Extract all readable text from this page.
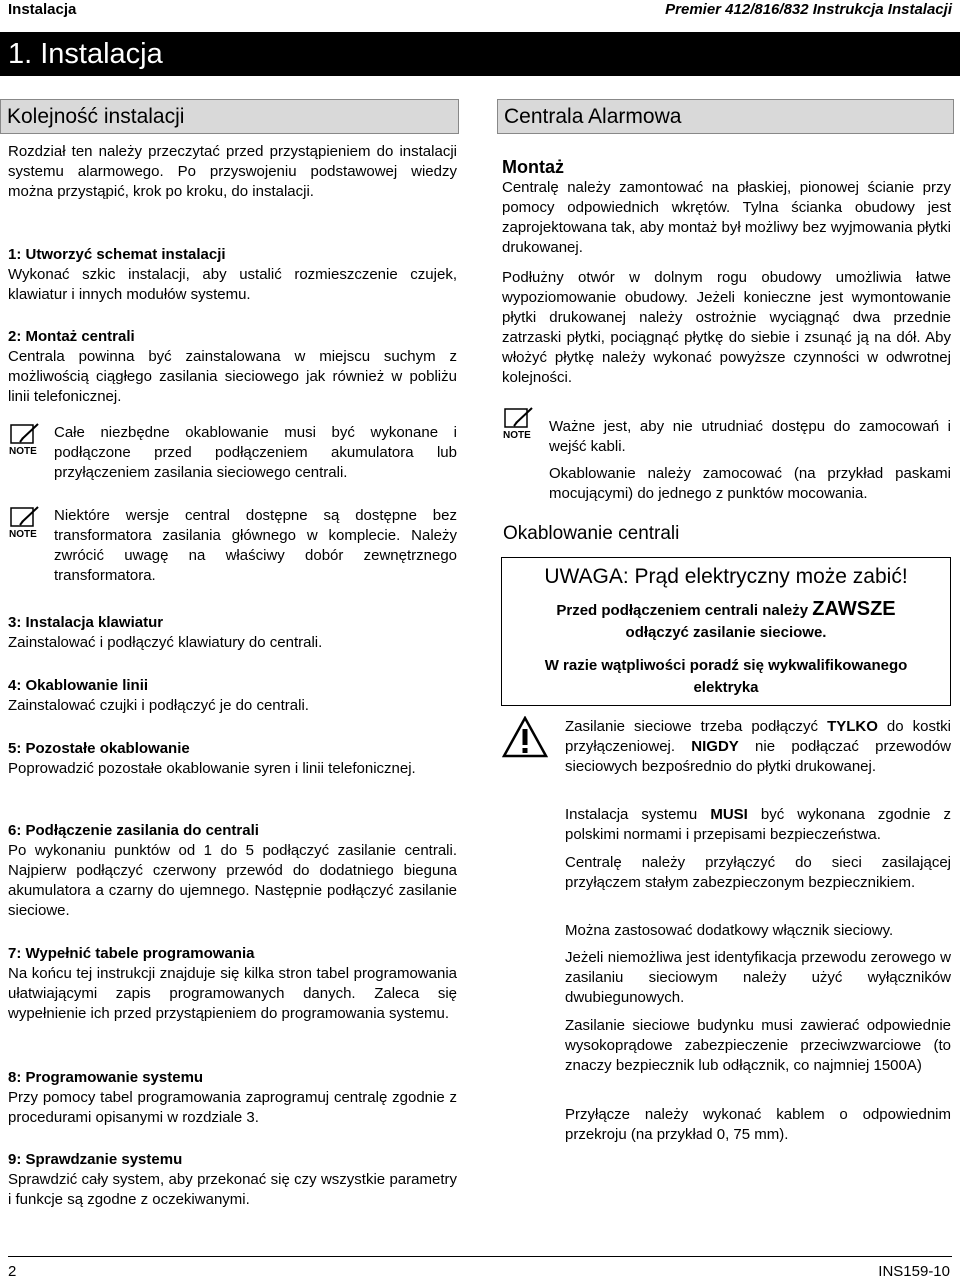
Instalacja	Premier 412/816/832 Instrukcja Instalacji
1. Instalacja
Kolejność instalacji
Rozdział ten należy przeczytać przed przystąpieniem do instalacji systemu alarmowego. Po przyswojeniu podstawowej wiedzy można przystąpić, krok po kroku, do instalacji.
1: Utworzyć schemat instalacji
Wykonać szkic instalacji, aby ustalić rozmieszczenie czujek, klawiatur i innych modułów systemu.
2: Montaż centrali
Centrala powinna być zainstalowana w miejscu suchym z możliwością ciągłego zasilania sieciowego jak również w pobliżu linii telefonicznej.
NOTE
Całe niezbędne okablowanie musi być wykonane i podłączone przed podłączeniem akumulatora lub przyłączeniem zasilania sieciowego centrali.
NOTE
Niektóre wersje central dostępne są dostępne bez transformatora zasilania głównego w komplecie. Należy zwrócić uwagę na właściwy dobór zewnętrznego transformatora.
3: Instalacja klawiatur
Zainstalować i podłączyć klawiatury do centrali.
4: Okablowanie linii
Zainstalować czujki i podłączyć je do centrali.
5: Pozostałe okablowanie
Poprowadzić pozostałe okablowanie syren i linii telefonicznej.
6: Podłączenie zasilania do centrali
Po wykonaniu punktów od 1 do 5 podłączyć zasilanie centrali. Najpierw podłączyć czerwony przewód do dodatniego bieguna akumulatora a czarny do ujemnego. Następnie podłączyć zasilanie sieciowe.
7: Wypełnić tabele programowania
Na końcu tej instrukcji znajduje się kilka stron tabel programowania ułatwiającymi zapis programowanych danych. Zaleca się wypełnienie ich przed przystąpieniem do programowania systemu.
8: Programowanie systemu
Przy pomocy tabel programowania zaprogramuj centralę zgodnie z procedurami opisanymi w rozdziale 3.
9: Sprawdzanie systemu
Sprawdzić cały system, aby przekonać się czy wszystkie parametry i funkcje są zgodne z oczekiwanymi.
Centrala Alarmowa
Montaż
Centralę należy zamontować na płaskiej, pionowej ścianie przy pomocy odpowiednich wkrętów. Tylna ścianka obudowy jest zaprojektowana tak, aby montaż był możliwy bez wyjmowania płytki drukowanej.
Podłużny otwór w dolnym rogu obudowy umożliwia łatwe wypoziomowanie obudowy. Jeżeli konieczne jest wymontowanie płytki drukowanej należy ostrożnie wyciągnąć dwa przednie zatrzaski płytki, pociągnąć płytkę do siebie i zsunąć ją na dół. Aby włożyć płytkę należy wykonać powyższe czynności w odwrotnej kolejności.
NOTE
Ważne jest, aby nie utrudniać dostępu do zamocowań i wejść kabli.
Okablowanie należy zamocować (na przykład paskami mocującymi) do jednego z punktów mocowania.
Okablowanie centrali
UWAGA: Prąd elektryczny może zabić!
Przed podłączeniem centrali należy ZAWSZE
odłączyć zasilanie sieciowe.
W razie wątpliwości poradź się wykwalifikowanego
elektryka
Zasilanie sieciowe trzeba podłączyć TYLKO do kostki przyłączeniowej. NIGDY nie podłączać przewodów sieciowych bezpośrednio do płytki drukowanej.
Instalacja systemu MUSI być wykonana zgodnie z polskimi normami i przepisami bezpieczeństwa.
Centralę należy przyłączyć do sieci zasilającej przyłączem stałym zabezpieczonym bezpiecznikiem.
Można zastosować dodatkowy włącznik sieciowy.
Jeżeli niemożliwa jest identyfikacja przewodu zerowego w zasilaniu sieciowym należy użyć wyłączników dwubiegunowych.
Zasilanie sieciowe budynku musi zawierać odpowiednie wysokoprądowe zabezpieczenie przeciwzwarciowe (to znaczy bezpiecznik lub odłącznik, co najmniej 1500A)
Przyłącze należy wykonać kablem o odpowiednim przekroju (na przykład 0, 75 mm).
2	INS159-10
